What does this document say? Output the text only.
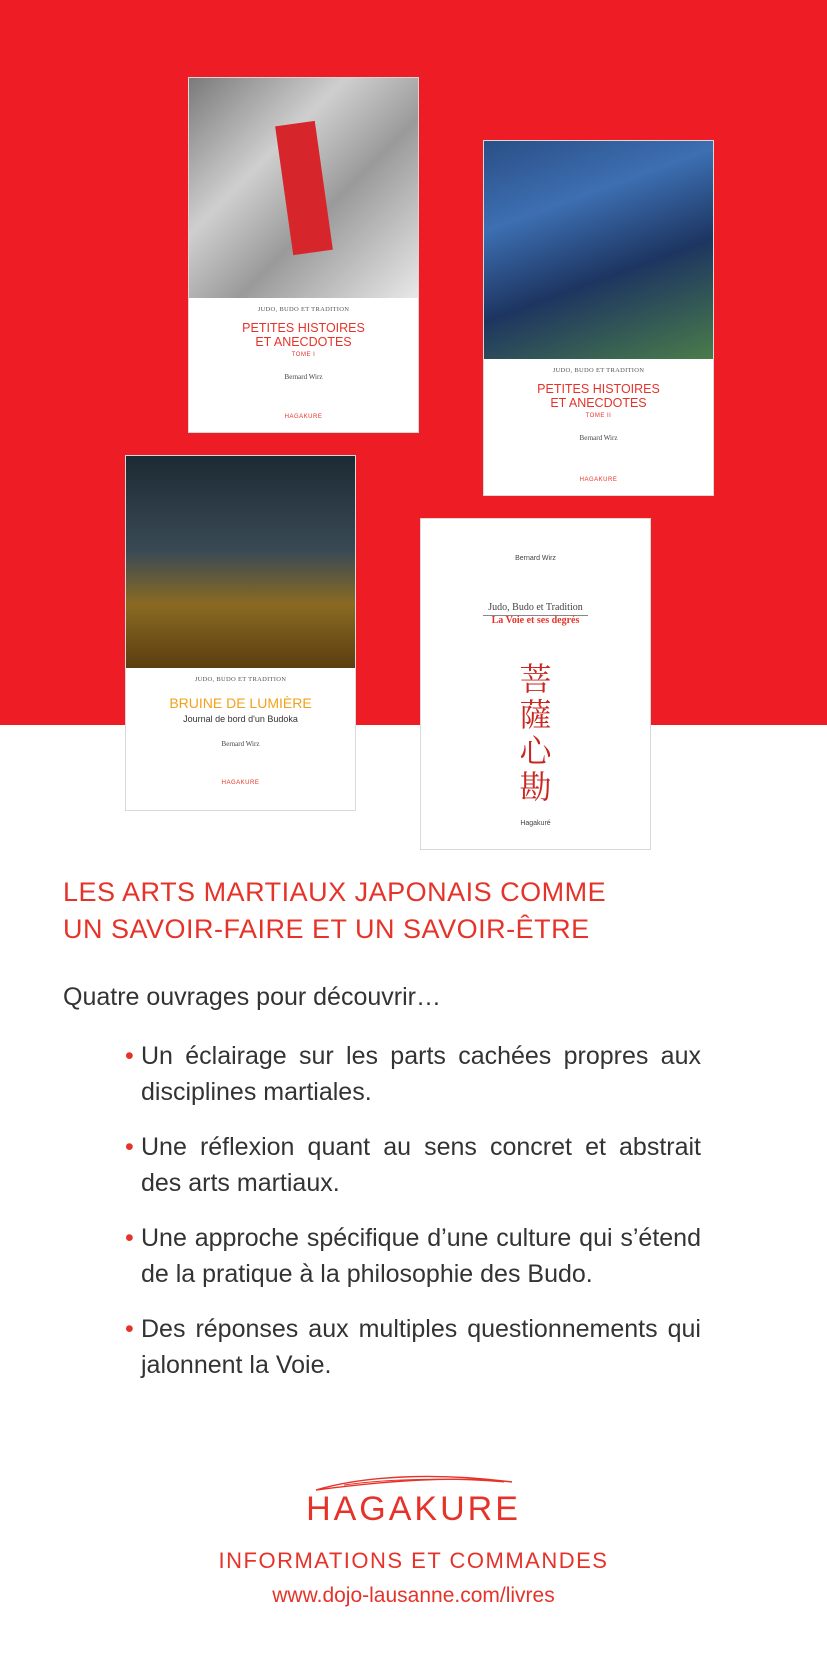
JUDO, BUDO ET TRADITION
PETITES HISTOIRES
ET ANECDOTES
TOME I
Bernard Wirz
HAGAKURE
JUDO, BUDO ET TRADITION
PETITES HISTOIRES
ET ANECDOTES
TOME II
Bernard Wirz
HAGAKURE
JUDO, BUDO ET TRADITION
BRUINE DE LUMIÈRE
Journal de bord d'un Budoka
Bernard Wirz
HAGAKURE
Bernard Wirz
Judo, Budo et Tradition
La Voie et ses degrés
菩
薩
心
勘
Hagakuré
LES ARTS MARTIAUX JAPONAIS COMME
UN SAVOIR-FAIRE ET UN SAVOIR-ÊTRE
Quatre ouvrages pour découvrir…
• Un éclairage sur les parts cachées propres aux disciplines martiales.
• Une réflexion quant au sens concret et abstrait des arts martiaux.
• Une approche spécifique d’une culture qui s’étend de la pratique à la philosophie des Budo.
• Des réponses aux multiples questionnements qui jalonnent la Voie.
HAGAKURE
INFORMATIONS ET COMMANDES
www.dojo-lausanne.com/livres
